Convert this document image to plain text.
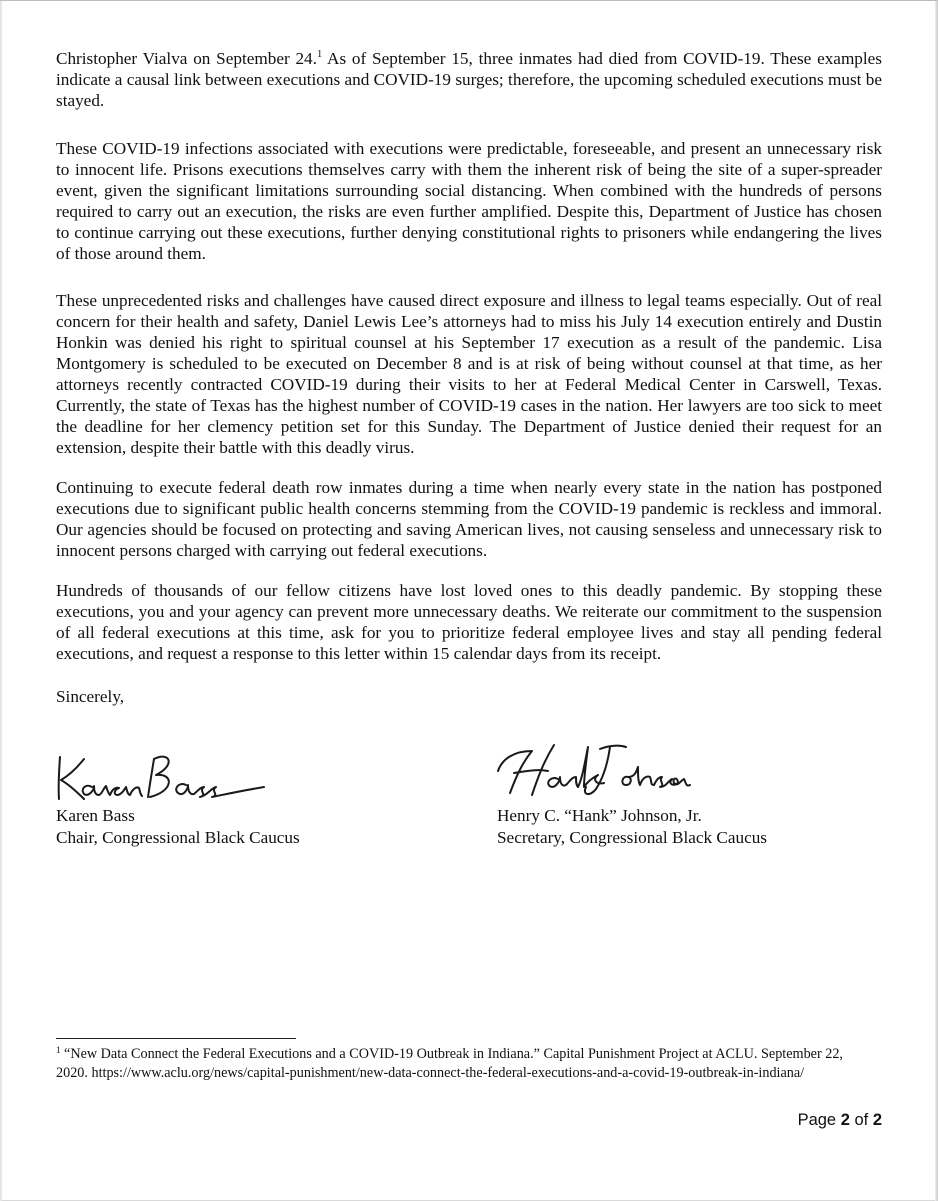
Christopher Vialva on September 24.$^1$ As of September 15, three inmates had died from COVID-19. These examples indicate a causal link between executions and COVID-19 surges; therefore, the upcoming scheduled executions must be stayed.

These COVID-19 infections associated with executions were predictable, foreseeable, and present an unnecessary risk to innocent life. Prisons executions themselves carry with them the inherent risk of being the site of a super-spreader event, given the significant limitations surrounding social distancing. When combined with the hundreds of persons required to carry out an execution, the risks are even further amplified. Despite this, Department of Justice has chosen to continue carrying out these executions, further denying constitutional rights to prisoners while endangering the lives of those around them.

These unprecedented risks and challenges have caused direct exposure and illness to legal teams especially. Out of real concern for their health and safety, Daniel Lewis Lee’s attorneys had to miss his July 14 execution entirely and Dustin Honkin was denied his right to spiritual counsel at his September 17 execution as a result of the pandemic. Lisa Montgomery is scheduled to be executed on December 8 and is at risk of being without counsel at that time, as her attorneys recently contracted COVID-19 during their visits to her at Federal Medical Center in Carswell, Texas. Currently, the state of Texas has the highest number of COVID-19 cases in the nation. Her lawyers are too sick to meet the deadline for her clemency petition set for this Sunday. The Department of Justice denied their request for an extension, despite their battle with this deadly virus.

Continuing to execute federal death row inmates during a time when nearly every state in the nation has postponed executions due to significant public health concerns stemming from the COVID-19 pandemic is reckless and immoral. Our agencies should be focused on protecting and saving American lives, not causing senseless and unnecessary risk to innocent persons charged with carrying out federal executions.

Hundreds of thousands of our fellow citizens have lost loved ones to this deadly pandemic. By stopping these executions, you and your agency can prevent more unnecessary deaths. We reiterate our commitment to the suspension of all federal executions at this time, ask for you to prioritize federal employee lives and stay all pending federal executions, and request a response to this letter within 15 calendar days from its receipt.

Sincerely,

Karen Bass
Chair, Congressional Black Caucus
Henry C. “Hank” Johnson, Jr.
Secretary, Congressional Black Caucus

$^1$ “New Data Connect the Federal Executions and a COVID-19 Outbreak in Indiana.” Capital Punishment Project at ACLU. September 22, 2020. https://www.aclu.org/news/capital-punishment/new-data-connect-the-federal-executions-and-a-covid-19-outbreak-in-indiana/

Page 2 of 2
